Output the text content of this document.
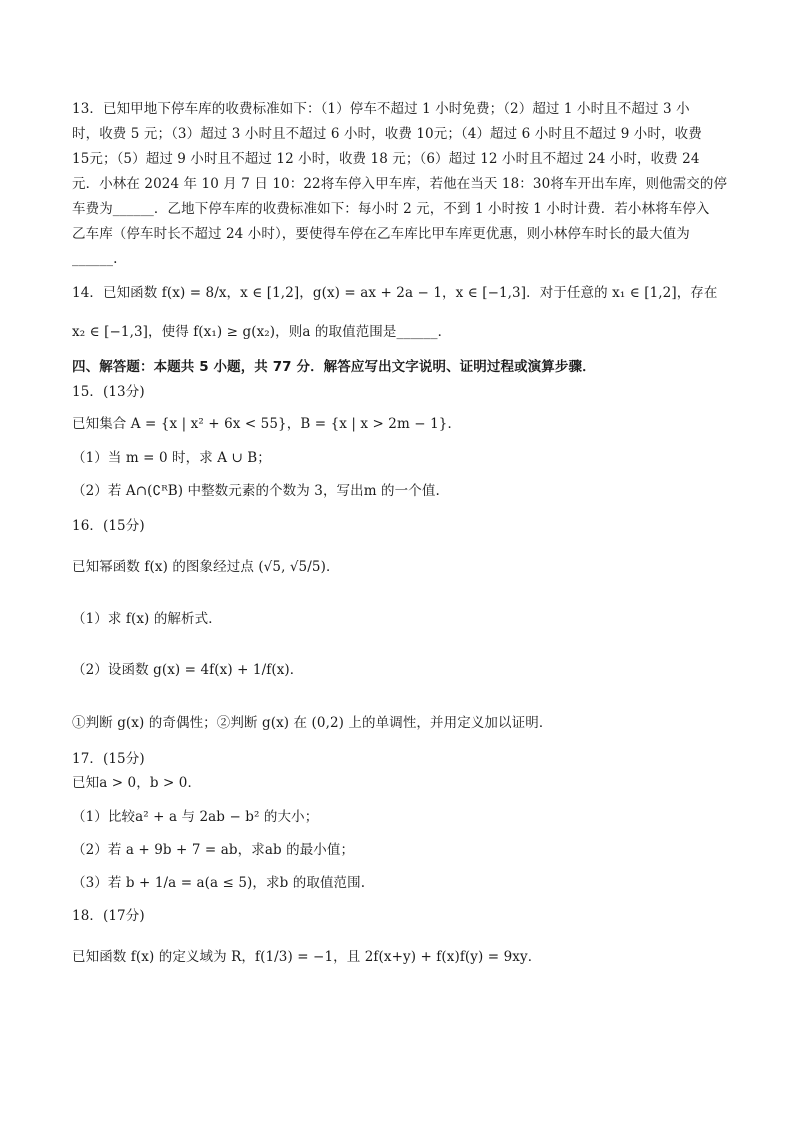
13．已知甲地下停车库的收费标准如下：（1）停车不超过 1 小时免费；（2）超过 1 小时且不超过 3 小
时，收费 5 元；（3）超过 3 小时且不超过 6 小时，收费 10元；（4）超过 6 小时且不超过 9 小时，收费
15元；（5）超过 9 小时且不超过 12 小时，收费 18 元；（6）超过 12 小时且不超过 24 小时，收费 24
元．小林在 2024 年 10 月 7 日 10：22将车停入甲车库，若他在当天 18：30将车开出车库，则他需交的停
车费为______．乙地下停车库的收费标准如下：每小时 2 元，不到 1 小时按 1 小时计费．若小林将车停入
乙车库（停车时长不超过 24 小时），要使得车停在乙车库比甲车库更优惠，则小林停车时长的最大值为
______.
14．已知函数 f(x) = 8/x，x ∈ [1,2]，g(x) = ax + 2a − 1，x ∈ [−1,3]．对于任意的 x₁ ∈ [1,2]，存在
x₂ ∈ [−1,3]，使得 f(x₁) ≥ g(x₂)，则a 的取值范围是______．
四、解答题：本题共 5 小题，共 77 分．解答应写出文字说明、证明过程或演算步骤．
15．(13分)
已知集合 A = {x | x² + 6x < 55}，B = {x | x > 2m − 1}．
（1）当 m = 0 时，求 A ∪ B；
（2）若 A∩(∁ᴿB) 中整数元素的个数为 3，写出m 的一个值.
16．(15分)
已知幂函数 f(x) 的图象经过点 (√5, √5/5)．
（1）求 f(x) 的解析式．
（2）设函数 g(x) = 4f(x) + 1/f(x)．
①判断 g(x) 的奇偶性；②判断 g(x) 在 (0,2) 上的单调性，并用定义加以证明．
17．(15分)
已知a > 0，b > 0．
（1）比较a² + a 与 2ab − b² 的大小；
（2）若 a + 9b + 7 = ab，求ab 的最小值；
（3）若 b + 1/a = a(a ≤ 5)，求b 的取值范围.
18．(17分)
已知函数 f(x) 的定义域为 R，f(1/3) = −1，且 2f(x+y) + f(x)f(y) = 9xy．
